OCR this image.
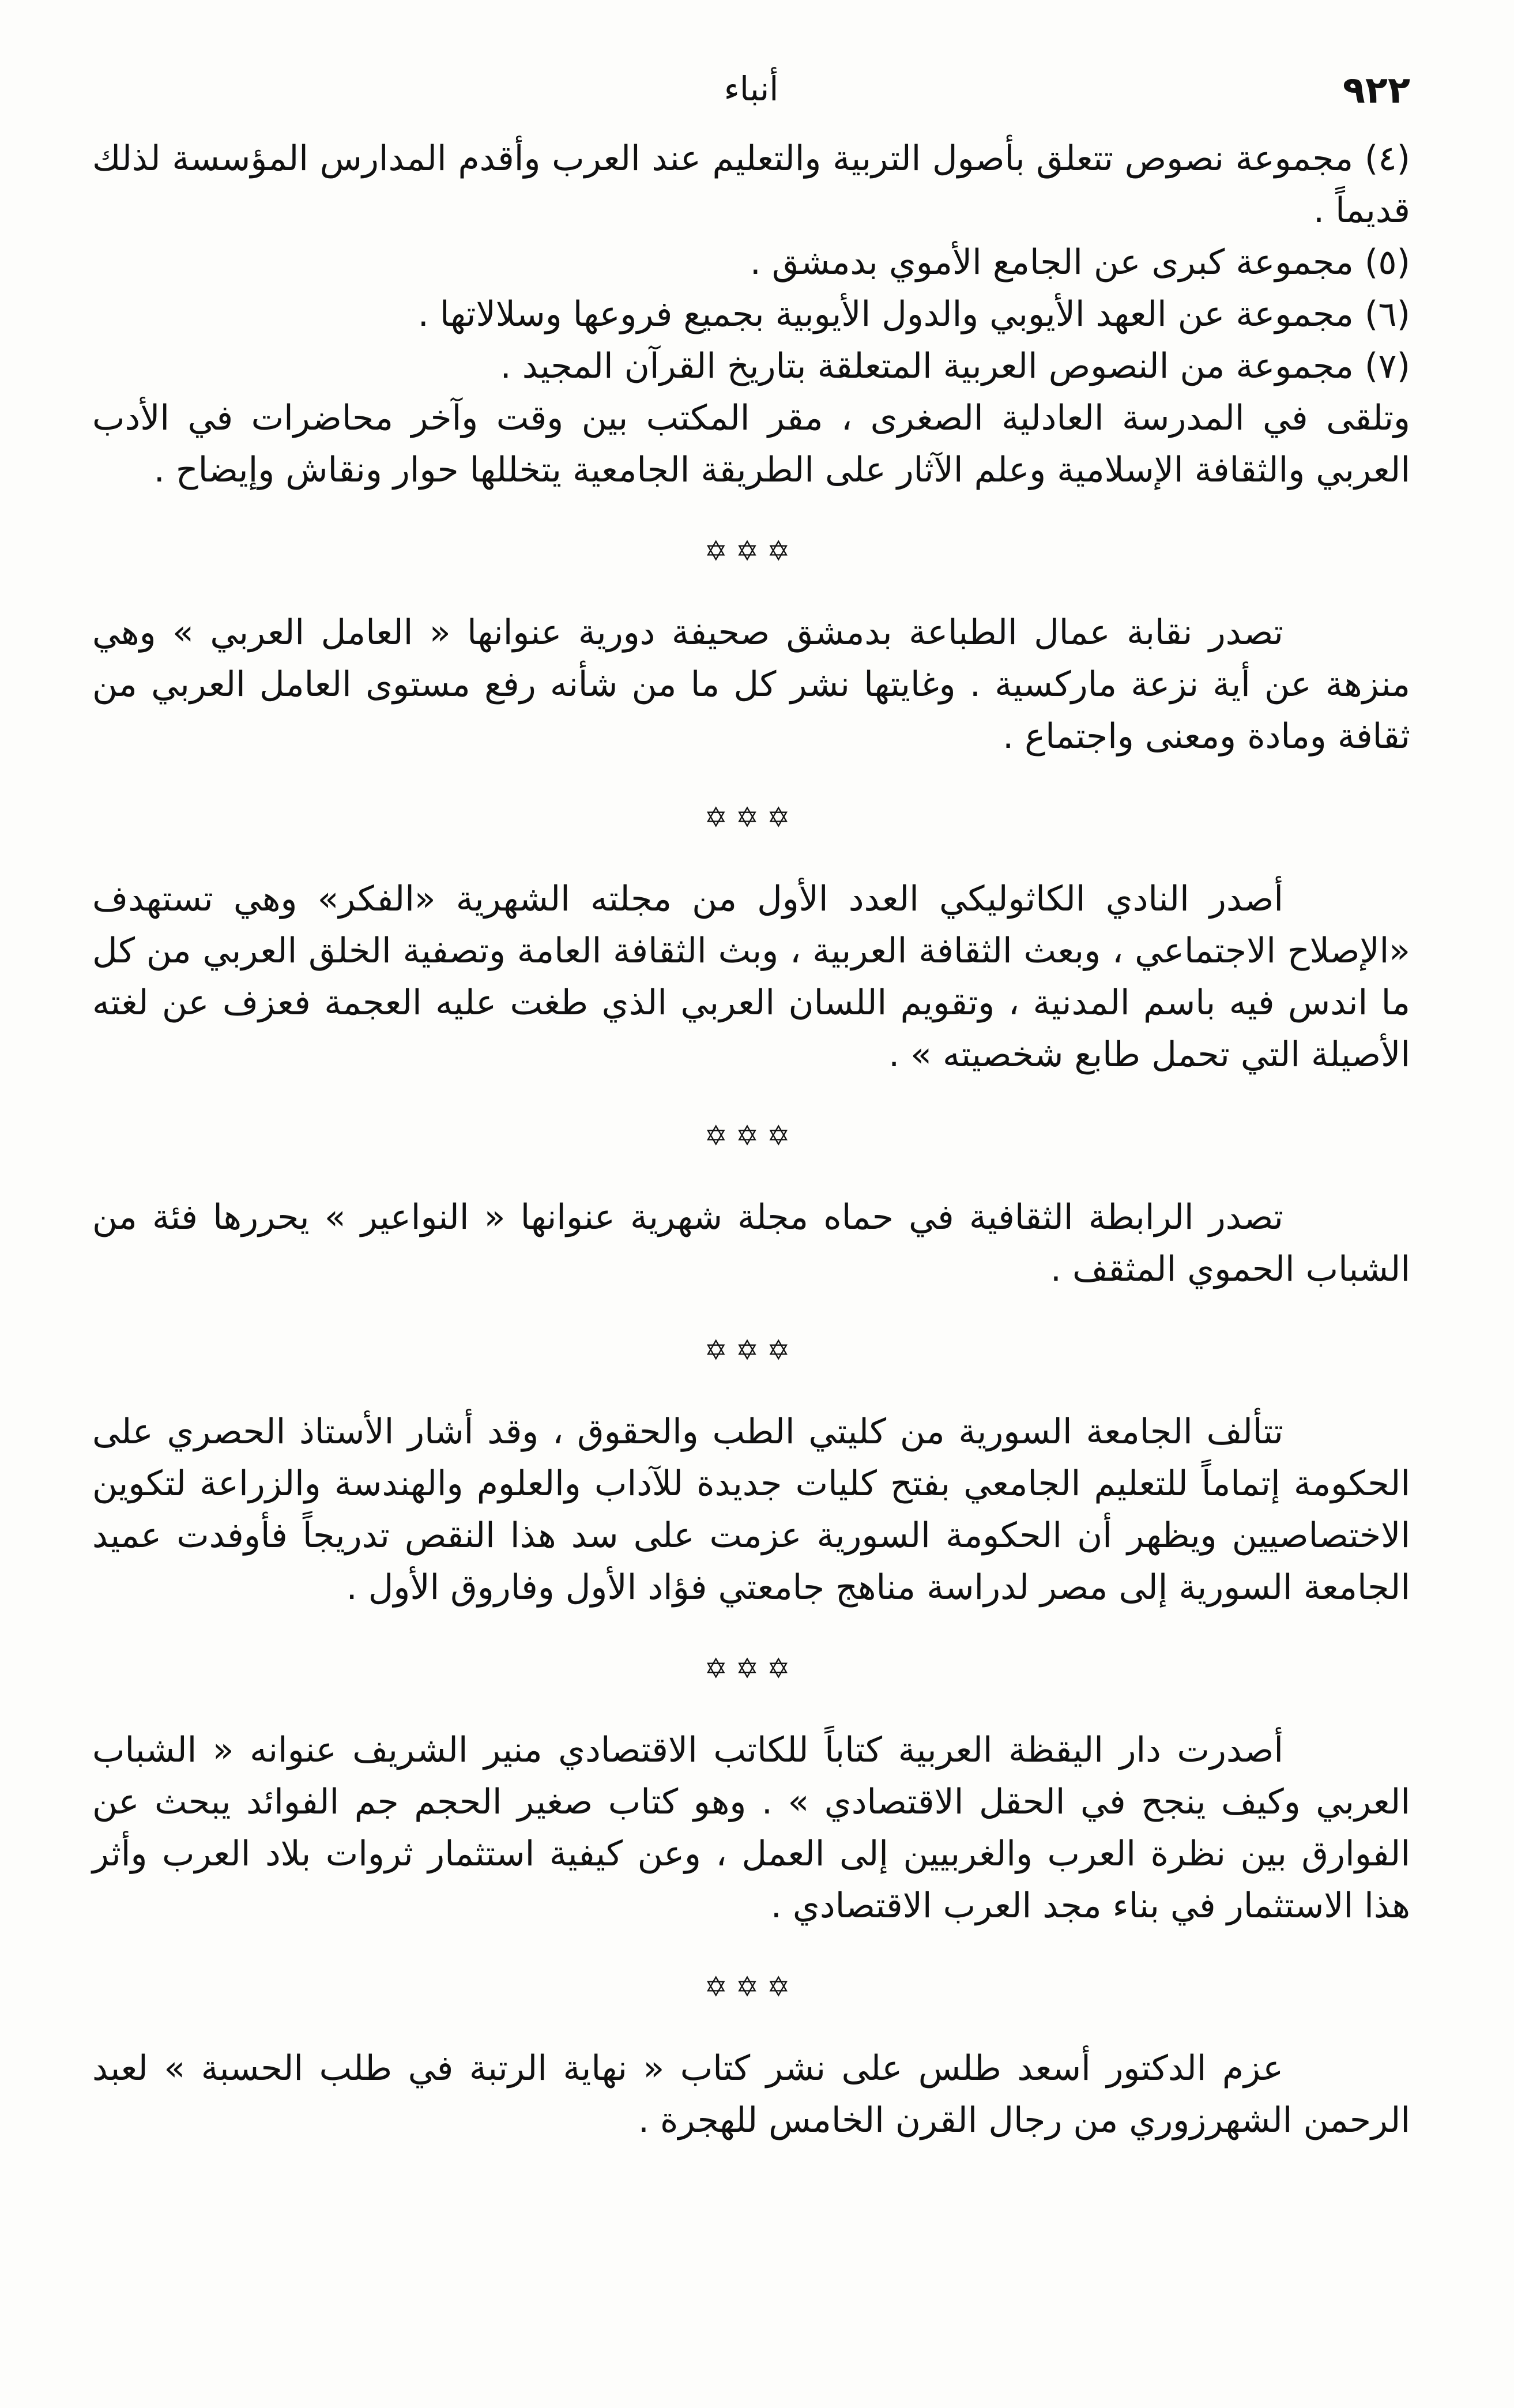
٩٢٢
أنباء

(٤) مجموعة نصوص تتعلق بأصول التربية والتعليم عند العرب وأقدم المدارس المؤسسة لذلك قديماً .

(٥) مجموعة كبرى عن الجامع الأموي بدمشق .

(٦) مجموعة عن العهد الأيوبي والدول الأيوبية بجميع فروعها وسلالاتها .

(٧) مجموعة من النصوص العربية المتعلقة بتاريخ القرآن المجيد .

وتلقى في المدرسة العادلية الصغرى ، مقر المكتب بين وقت وآخر محاضرات في الأدب العربي والثقافة الإسلامية وعلم الآثار على الطريقة الجامعية يتخللها حوار ونقاش وإيضاح .

✡✡✡

تصدر نقابة عمال الطباعة بدمشق صحيفة دورية عنوانها « العامل العربي » وهي منزهة عن أية نزعة ماركسية . وغايتها نشر كل ما من شأنه رفع مستوى العامل العربي من ثقافة ومادة ومعنى واجتماع .

✡✡✡

أصدر النادي الكاثوليكي العدد الأول من مجلته الشهرية «الفكر» وهي تستهدف «الإصلاح الاجتماعي ، وبعث الثقافة العربية ، وبث الثقافة العامة وتصفية الخلق العربي من كل ما اندس فيه باسم المدنية ، وتقويم اللسان العربي الذي طغت عليه العجمة فعزف عن لغته الأصيلة التي تحمل طابع شخصيته » .

✡✡✡

تصدر الرابطة الثقافية في حماه مجلة شهرية عنوانها « النواعير » يحررها فئة من الشباب الحموي المثقف .

✡✡✡

تتألف الجامعة السورية من كليتي الطب والحقوق ، وقد أشار الأستاذ الحصري على الحكومة إتماماً للتعليم الجامعي بفتح كليات جديدة للآداب والعلوم والهندسة والزراعة لتكوين الاختصاصيين ويظهر أن الحكومة السورية عزمت على سد هذا النقص تدريجاً فأوفدت عميد الجامعة السورية إلى مصر لدراسة مناهج جامعتي فؤاد الأول وفاروق الأول .

✡✡✡

أصدرت دار اليقظة العربية كتاباً للكاتب الاقتصادي منير الشريف عنوانه « الشباب العربي وكيف ينجح في الحقل الاقتصادي » . وهو كتاب صغير الحجم جم الفوائد يبحث عن الفوارق بين نظرة العرب والغربيين إلى العمل ، وعن كيفية استثمار ثروات بلاد العرب وأثر هذا الاستثمار في بناء مجد العرب الاقتصادي .

✡✡✡

عزم الدكتور أسعد طلس على نشر كتاب « نهاية الرتبة في طلب الحسبة » لعبد الرحمن الشهرزوري من رجال القرن الخامس للهجرة .
